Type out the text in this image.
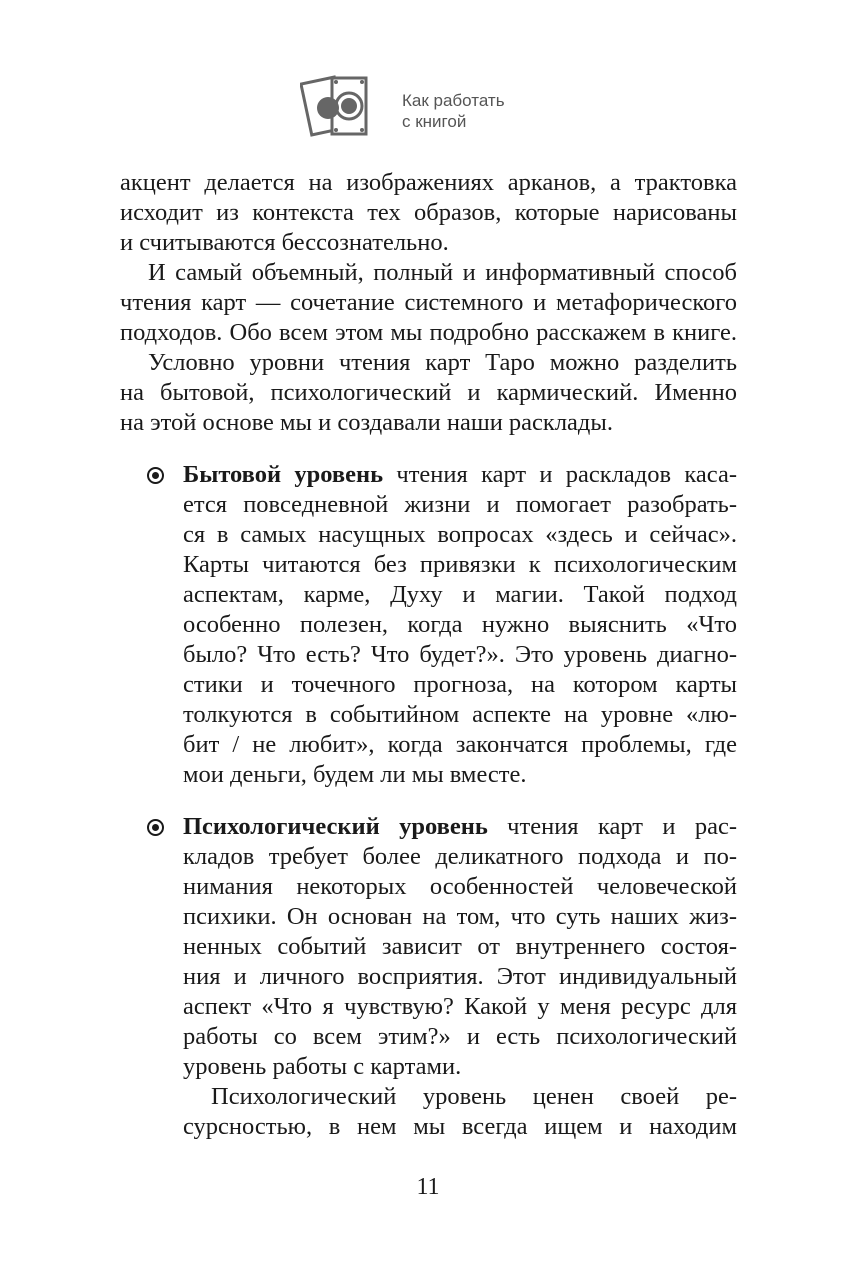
Как работать
с книгой
акцент делается на изображениях арканов, а трактовка
исходит из контекста тех образов, которые нарисованы
и считываются бессознательно.
И самый объемный, полный и информативный способ
чтения карт — сочетание системного и метафорического
подходов. Обо всем этом мы подробно расскажем в книге.
Условно уровни чтения карт Таро можно разделить
на бытовой, психологический и кармический. Именно
на этой основе мы и создавали наши расклады.
Бытовой уровень чтения карт и раскладов каса-
ется повседневной жизни и помогает разобрать-
ся в самых насущных вопросах «здесь и сейчас».
Карты читаются без привязки к психологическим
аспектам, карме, Духу и магии. Такой подход
особенно полезен, когда нужно выяснить «Что
было? Что есть? Что будет?». Это уровень диагно-
стики и точечного прогноза, на котором карты
толкуются в событийном аспекте на уровне «лю-
бит / не любит», когда закончатся проблемы, где
мои деньги, будем ли мы вместе.
Психологический уровень чтения карт и рас-
кладов требует более деликатного подхода и по-
нимания некоторых особенностей человеческой
психики. Он основан на том, что суть наших жиз-
ненных событий зависит от внутреннего состоя-
ния и личного восприятия. Этот индивидуальный
аспект «Что я чувствую? Какой у меня ресурс для
работы со всем этим?» и есть психологический
уровень работы с картами.
Психологический уровень ценен своей ре-
сурсностью, в нем мы всегда ищем и находим
11
